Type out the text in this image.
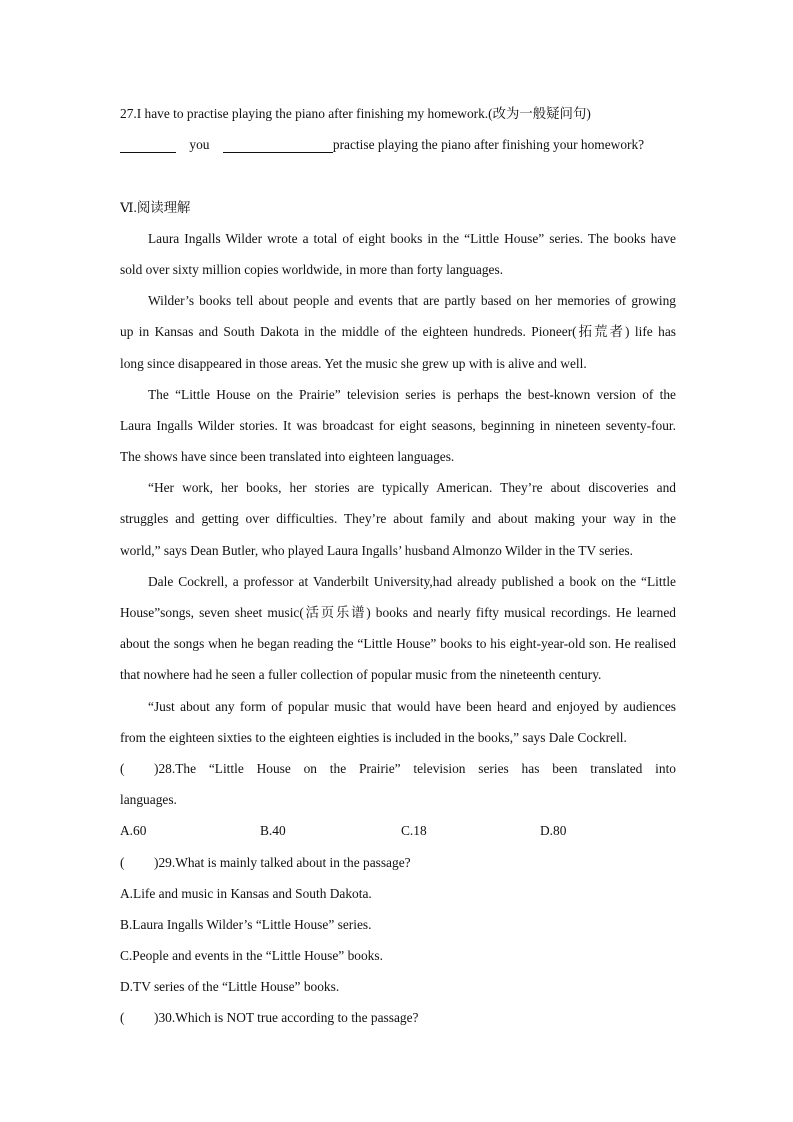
27.I have to practise playing the piano after finishing my homework.(改为一般疑问句)
you	practise playing the piano after finishing your homework?
Ⅵ.阅读理解
Laura Ingalls Wilder wrote a total of eight books in the “Little House” series. The books have
sold over sixty million copies worldwide, in more than forty languages.
Wilder’s books tell about people and events that are partly based on her memories of growing
up in Kansas and South Dakota in the middle of the eighteen hundreds. Pioneer(拓荒者) life has
long since disappeared in those areas. Yet the music she grew up with is alive and well.
The “Little House on the Prairie” television series is perhaps the best-known version of the
Laura Ingalls Wilder stories. It was broadcast for eight seasons, beginning in nineteen seventy-four.
The shows have since been translated into eighteen languages.
“Her work, her books, her stories are typically American. They’re about discoveries and
struggles and getting over difficulties. They’re about family and about making your way in the
world,” says Dean Butler, who played Laura Ingalls’ husband Almonzo Wilder in the TV series.
Dale Cockrell, a professor at Vanderbilt University,had already published a book on the “Little
House”songs, seven sheet music(活页乐谱) books and nearly fifty musical recordings. He learned
about the songs when he began reading the “Little House” books to his eight-year-old son. He realised
that nowhere had he seen a fuller collection of popular music from the nineteenth century.
“Just about any form of popular music that would have been heard and enjoyed by audiences
from the eighteen sixties to the eighteen eighties is included in the books,” says Dale Cockrell.
( )28.The “Little House on the Prairie” television series has been translated into
languages.
A.60	B.40	C.18	D.80
( )29.What is mainly talked about in the passage?
A.Life and music in Kansas and South Dakota.
B.Laura Ingalls Wilder’s “Little House” series.
C.People and events in the “Little House” books.
D.TV series of the “Little House” books.
( )30.Which is NOT true according to the passage?
